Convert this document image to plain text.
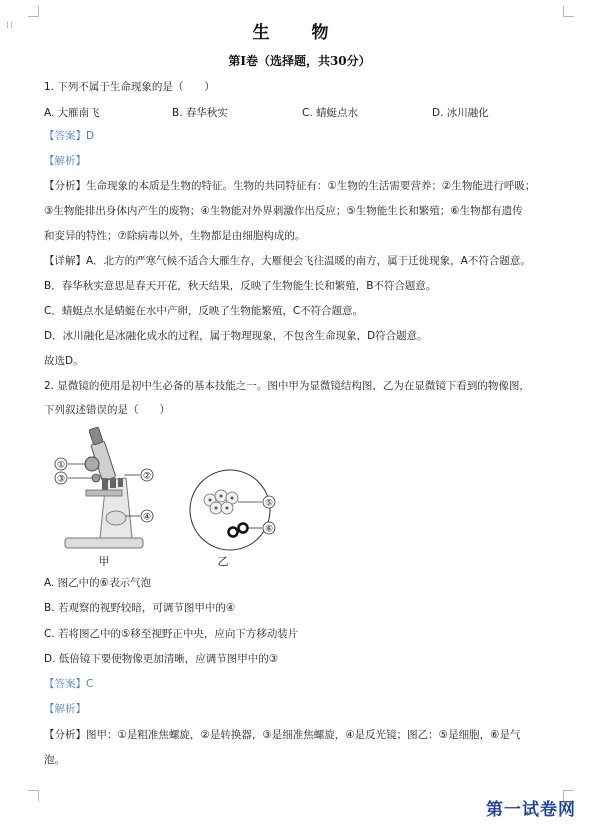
⁞⁞	生 物
第Ⅰ卷（选择题，共30分）
1. 下列不属于生命现象的是（　　）
A. 大雁南飞	B. 春华秋实	C. 蜻蜓点水	D. 冰川融化
【答案】D
【解析】
【分析】生命现象的本质是生物的特征。生物的共同特征有：①生物的生活需要营养；②生物能进行呼吸；
③生物能排出身体内产生的废物；④生物能对外界刺激作出反应；⑤生物能生长和繁殖；⑥生物都有遗传
和变异的特性；⑦除病毒以外，生物都是由细胞构成的。
【详解】A．北方的严寒气候不适合大雁生存，大雁便会飞往温暖的南方，属于迁徙现象，A不符合题意。
B．春华秋实意思是春天开花，秋天结果，反映了生物能生长和繁殖，B不符合题意。
C．蜻蜓点水是蜻蜓在水中产卵，反映了生物能繁殖，C不符合题意。
D．冰川融化是冰融化成水的过程，属于物理现象，不包含生命现象，D符合题意。
故选D。
2. 显微镜的使用是初中生必备的基本技能之一。图中甲为显微镜结构图，乙为在显微镜下看到的物像图，
下列叙述错误的是（　　）
①
③	②
④
甲
⑤
⑥
乙
A. 图乙中的⑥表示气泡
B. 若观察的视野较暗，可调节图甲中的④
C. 若将图乙中的⑤移至视野正中央，应向下方移动装片
D. 低倍镜下要使物像更加清晰，应调节图甲中的③
【答案】C
【解析】
【分析】图甲：①是粗准焦螺旋，②是转换器，③是细准焦螺旋，④是反光镜；图乙：⑤是细胞，⑥是气
泡。
第一试卷网
